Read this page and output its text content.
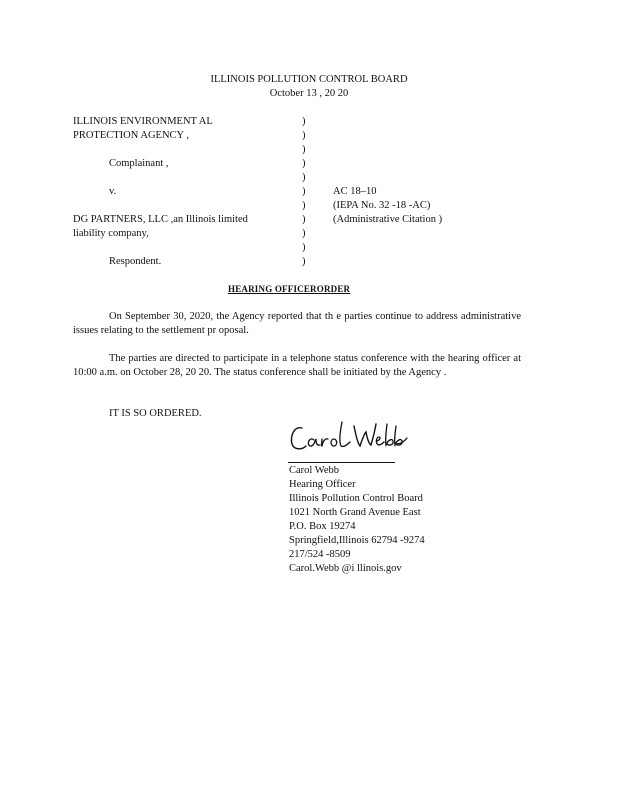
ILLINOIS POLLUTION CONTROL BOARD
October 13 , 20 20
ILLINOIS ENVIRONMENT AL
PROTECTION AGENCY ,
Complainant ,
v.
DG PARTNERS, LLC ,an Illinois limited
liability company,
Respondent.
)
)
)
)
)
)
)
)
)
)
)
AC 18–10
(IEPA No. 32 -18 -AC)
(Administrative Citation )
HEARING OFFICERORDER
On September 30, 2020, the Agency reported that th e parties continue to address administrative issues relating to the settlement pr oposal.
The parties are directed to participate in a telephone status conference with the hearing officer at 10:00 a.m. on October 28, 20 20. The status conference shall be initiated by the Agency .
IT IS SO ORDERED.
Carol Webb
Hearing Officer
Illinois Pollution Control Board
1021 North Grand Avenue East
P.O. Box 19274
Springfield,Illinois 62794 -9274
217/524 -8509
Carol.Webb @i llinois.gov
